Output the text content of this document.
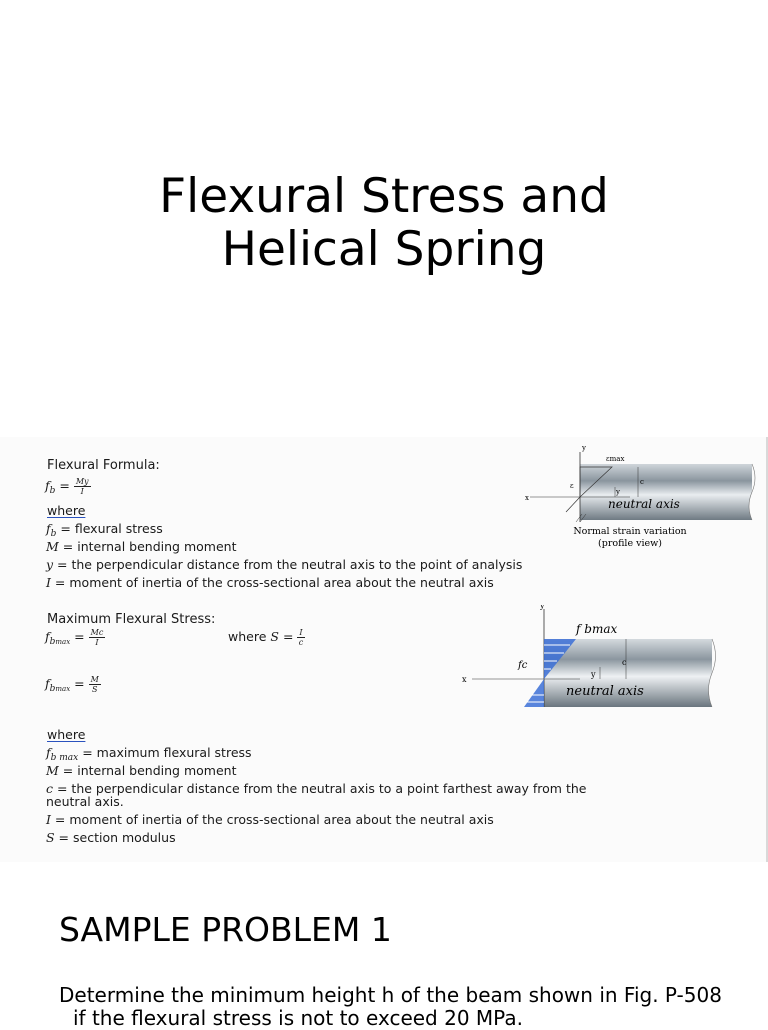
Flexural Stress and
Helical Spring
Flexural Formula:
$f_b = \frac{My}{I}$
where
$f_b$ = flexural stress
M = internal bending moment
y = the perpendicular distance from the neutral axis to the point of analysis
I = moment of inertia of the cross-sectional area about the neutral axis
Maximum Flexural Stress:
$f_{bmax} = \frac{Mc}{I}$	where $S = \frac{I}{c}$
$f_{bmax} = \frac{M}{S}$
where
$f_{b max}$ = maximum flexural stress
M = internal bending moment
c = the perpendicular distance from the neutral axis to a point farthest away from the
neutral axis.
I = moment of inertia of the cross-sectional area about the neutral axis
S = section modulus
y
εmax
ε
y
c
x	neutral axis
Normal strain variation
(profile view)
y
f bmax
fc
y
c
x
neutral axis
SAMPLE PROBLEM 1
Determine the minimum height h of the beam shown in Fig. P-508
if the flexural stress is not to exceed 20 MPa.
